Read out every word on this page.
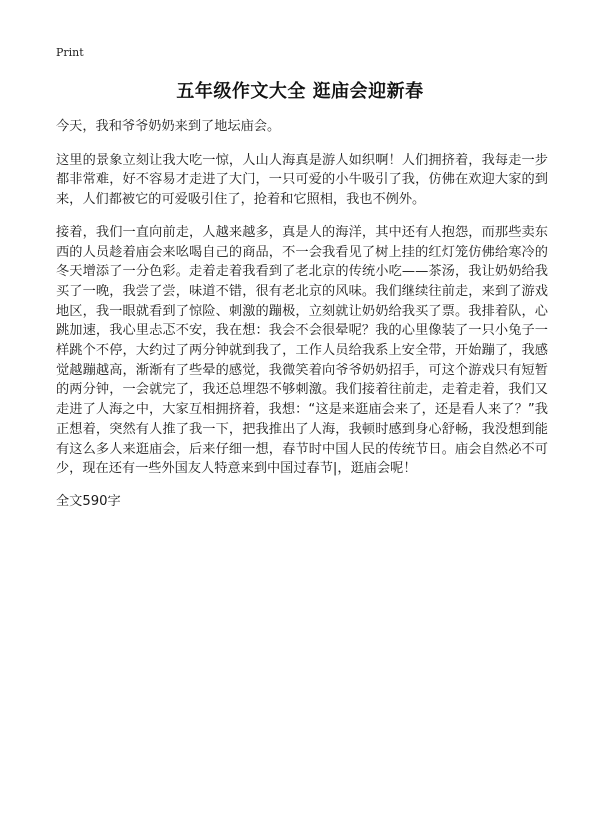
Print
五年级作文大全 逛庙会迎新春

今天，我和爷爷奶奶来到了地坛庙会。

这里的景象立刻让我大吃一惊，人山人海真是游人如织啊！人们拥挤着，我每走一步都非常难，好不容易才走进了大门，一只可爱的小牛吸引了我，仿佛在欢迎大家的到来，人们都被它的可爱吸引住了，抢着和它照相，我也不例外。

接着，我们一直向前走，人越来越多，真是人的海洋，其中还有人抱怨，而那些卖东西的人员趁着庙会来吆喝自己的商品，不一会我看见了树上挂的红灯笼仿佛给寒冷的冬天增添了一分色彩。走着走着我看到了老北京的传统小吃——茶汤，我让奶奶给我买了一晚，我尝了尝，味道不错，很有老北京的风味。我们继续往前走，来到了游戏地区，我一眼就看到了惊险、刺激的蹦极，立刻就让奶奶给我买了票。我排着队，心跳加速，我心里忐忑不安，我在想：我会不会很晕呢？我的心里像装了一只小兔子一样跳个不停，大约过了两分钟就到我了，工作人员给我系上安全带，开始蹦了，我感觉越蹦越高，渐渐有了些晕的感觉，我微笑着向爷爷奶奶招手，可这个游戏只有短暂的两分钟，一会就完了，我还总埋怨不够刺激。我们接着往前走，走着走着，我们又走进了人海之中，大家互相拥挤着，我想：“这是来逛庙会来了，还是看人来了？”我正想着，突然有人推了我一下，把我推出了人海，我顿时感到身心舒畅，我没想到能有这么多人来逛庙会，后来仔细一想，春节时中国人民的传统节日。庙会自然必不可少，现在还有一些外国友人特意来到中国过春节|，逛庙会呢！

全文590字
